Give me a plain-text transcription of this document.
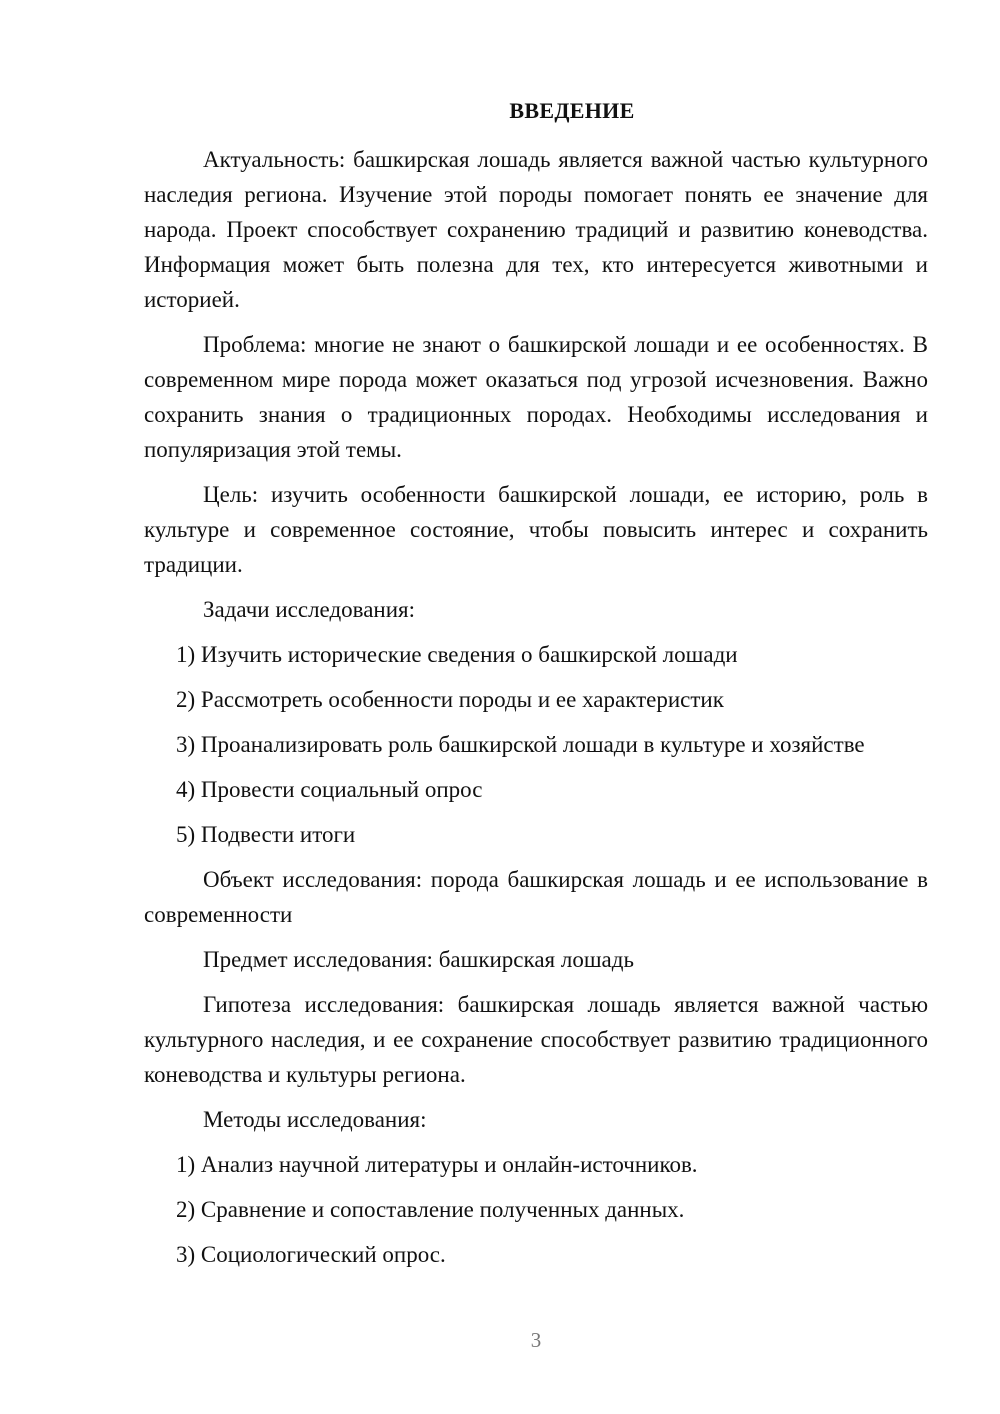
ВВЕДЕНИЕ

Актуальность: башкирская лошадь является важной частью культурного наследия региона. Изучение этой породы помогает понять ее значение для народа. Проект способствует сохранению традиций и развитию коневодства. Информация может быть полезна для тех, кто интересуется животными и историей.

Проблема: многие не знают о башкирской лошади и ее особенностях. В современном мире порода может оказаться под угрозой исчезновения. Важно сохранить знания о традиционных породах. Необходимы исследования и популяризация этой темы.

Цель: изучить особенности башкирской лошади, ее историю, роль в культуре и современное состояние, чтобы повысить интерес и сохранить традиции.

Задачи исследования:

1) Изучить исторические сведения о башкирской лошади

2) Рассмотреть особенности породы и ее характеристик

3) Проанализировать роль башкирской лошади в культуре и хозяйстве

4) Провести социальный опрос

5) Подвести итоги

Объект исследования: порода башкирская лошадь и ее использование в современности

Предмет исследования: башкирская лошадь

Гипотеза исследования: башкирская лошадь является важной частью культурного наследия, и ее сохранение способствует развитию традиционного коневодства и культуры региона.

Методы исследования:

1) Анализ научной литературы и онлайн-источников.

2) Сравнение и сопоставление полученных данных.

3) Социологический опрос.

3
